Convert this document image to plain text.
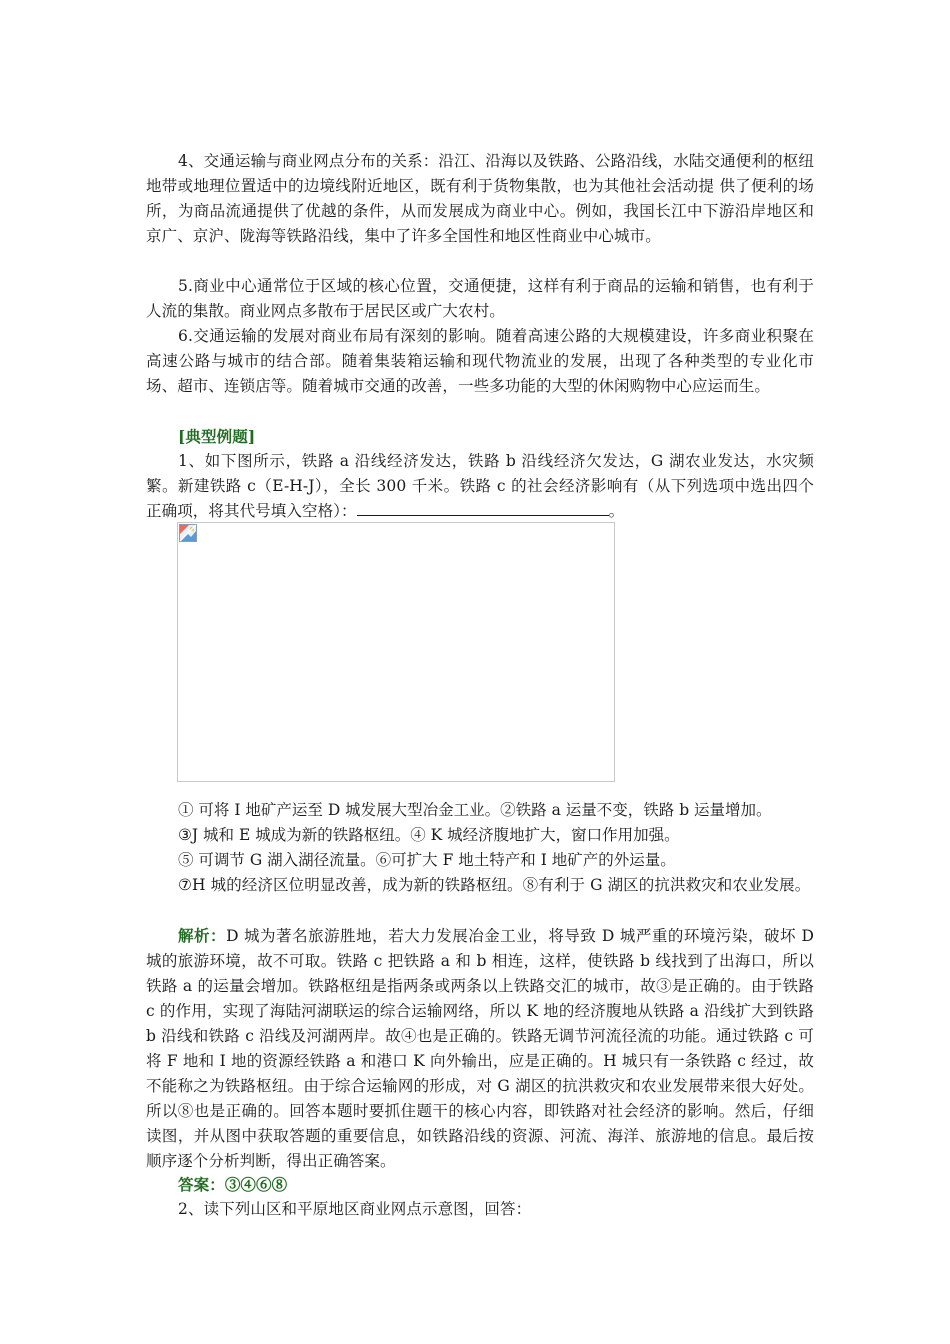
4、交通运输与商业网点分布的关系：沿江、沿海以及铁路、公路沿线，水陆交通便利的枢纽地带或地理位置适中的边境线附近地区，既有利于货物集散，也为其他社会活动提 供了便利的场所，为商品流通提供了优越的条件，从而发展成为商业中心。例如，我国长江中下游沿岸地区和京广、京沪、陇海等铁路沿线，集中了许多全国性和地区性商业中心城市。

5.商业中心通常位于区域的核心位置，交通便捷，这样有利于商品的运输和销售，也有利于人流的集散。商业网点多散布于居民区或广大农村。

6.交通运输的发展对商业布局有深刻的影响。随着高速公路的大规模建设，许多商业积聚在高速公路与城市的结合部。随着集装箱运输和现代物流业的发展，出现了各种类型的专业化市场、超市、连锁店等。随着城市交通的改善，一些多功能的大型的休闲购物中心应运而生。

[典型例题]

1、如下图所示，铁路 a 沿线经济发达，铁路 b 沿线经济欠发达，G 湖农业发达，水灾频繁。新建铁路 c（E-H-J），全长 300 千米。铁路 c 的社会经济影响有（从下列选项中选出四个正确项，将其代号填入空格）：	。

① 可将 I 地矿产运至 D 城发展大型冶金工业。②铁路 a 运量不变，铁路 b 运量增加。

③J 城和 E 城成为新的铁路枢纽。④ K 城经济腹地扩大，窗口作用加强。

⑤ 可调节 G 湖入湖径流量。⑥可扩大 F 地土特产和 I 地矿产的外运量。

⑦H 城的经济区位明显改善，成为新的铁路枢纽。⑧有利于 G 湖区的抗洪救灾和农业发展。

解析：D 城为著名旅游胜地，若大力发展冶金工业，将导致 D 城严重的环境污染，破坏 D 城的旅游环境，故不可取。铁路 c 把铁路 a 和 b 相连，这样，使铁路 b 线找到了出海口，所以铁路 a 的运量会增加。铁路枢纽是指两条或两条以上铁路交汇的城市，故③是正确的。由于铁路 c 的作用，实现了海陆河湖联运的综合运输网络，所以 K 地的经济腹地从铁路 a 沿线扩大到铁路 b 沿线和铁路 c 沿线及河湖两岸。故④也是正确的。铁路无调节河流径流的功能。通过铁路 c 可将 F 地和 I 地的资源经铁路 a 和港口 K 向外输出，应是正确的。H 城只有一条铁路 c 经过，故不能称之为铁路枢纽。由于综合运输网的形成，对 G 湖区的抗洪救灾和农业发展带来很大好处。所以⑧也是正确的。回答本题时要抓住题干的核心内容，即铁路对社会经济的影响。然后，仔细读图，并从图中获取答题的重要信息，如铁路沿线的资源、河流、海洋、旅游地的信息。最后按顺序逐个分析判断，得出正确答案。

答案：③④⑥⑧

2、读下列山区和平原地区商业网点示意图，回答：
